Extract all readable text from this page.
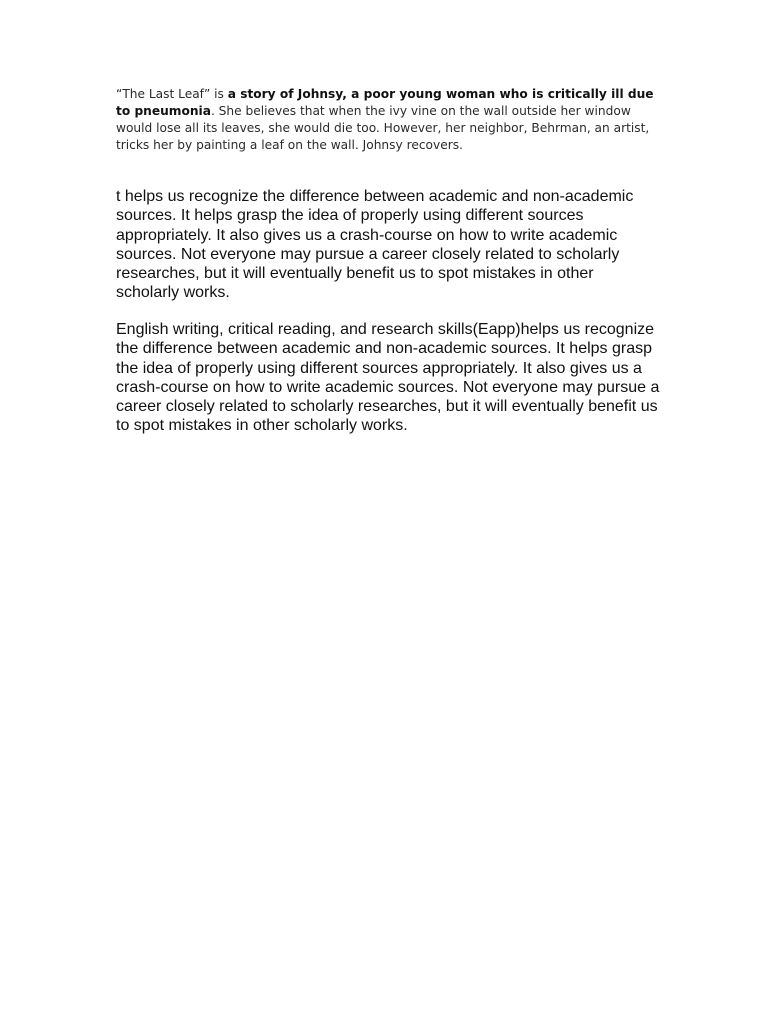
“The Last Leaf” is a story of Johnsy, a poor young woman who is critically ill due to pneumonia. She believes that when the ivy vine on the wall outside her window would lose all its leaves, she would die too. However, her neighbor, Behrman, an artist, tricks her by painting a leaf on the wall. Johnsy recovers.

t helps us recognize the difference between academic and non-academic sources. It helps grasp the idea of properly using different sources appropriately. It also gives us a crash-course on how to write academic sources. Not everyone may pursue a career closely related to scholarly researches, but it will eventually benefit us to spot mistakes in other scholarly works.

English writing, critical reading, and research skills(Eapp)helps us recognize the difference between academic and non-academic sources. It helps grasp the idea of properly using different sources appropriately. It also gives us a crash-course on how to write academic sources. Not everyone may pursue a career closely related to scholarly researches, but it will eventually benefit us to spot mistakes in other scholarly works.
